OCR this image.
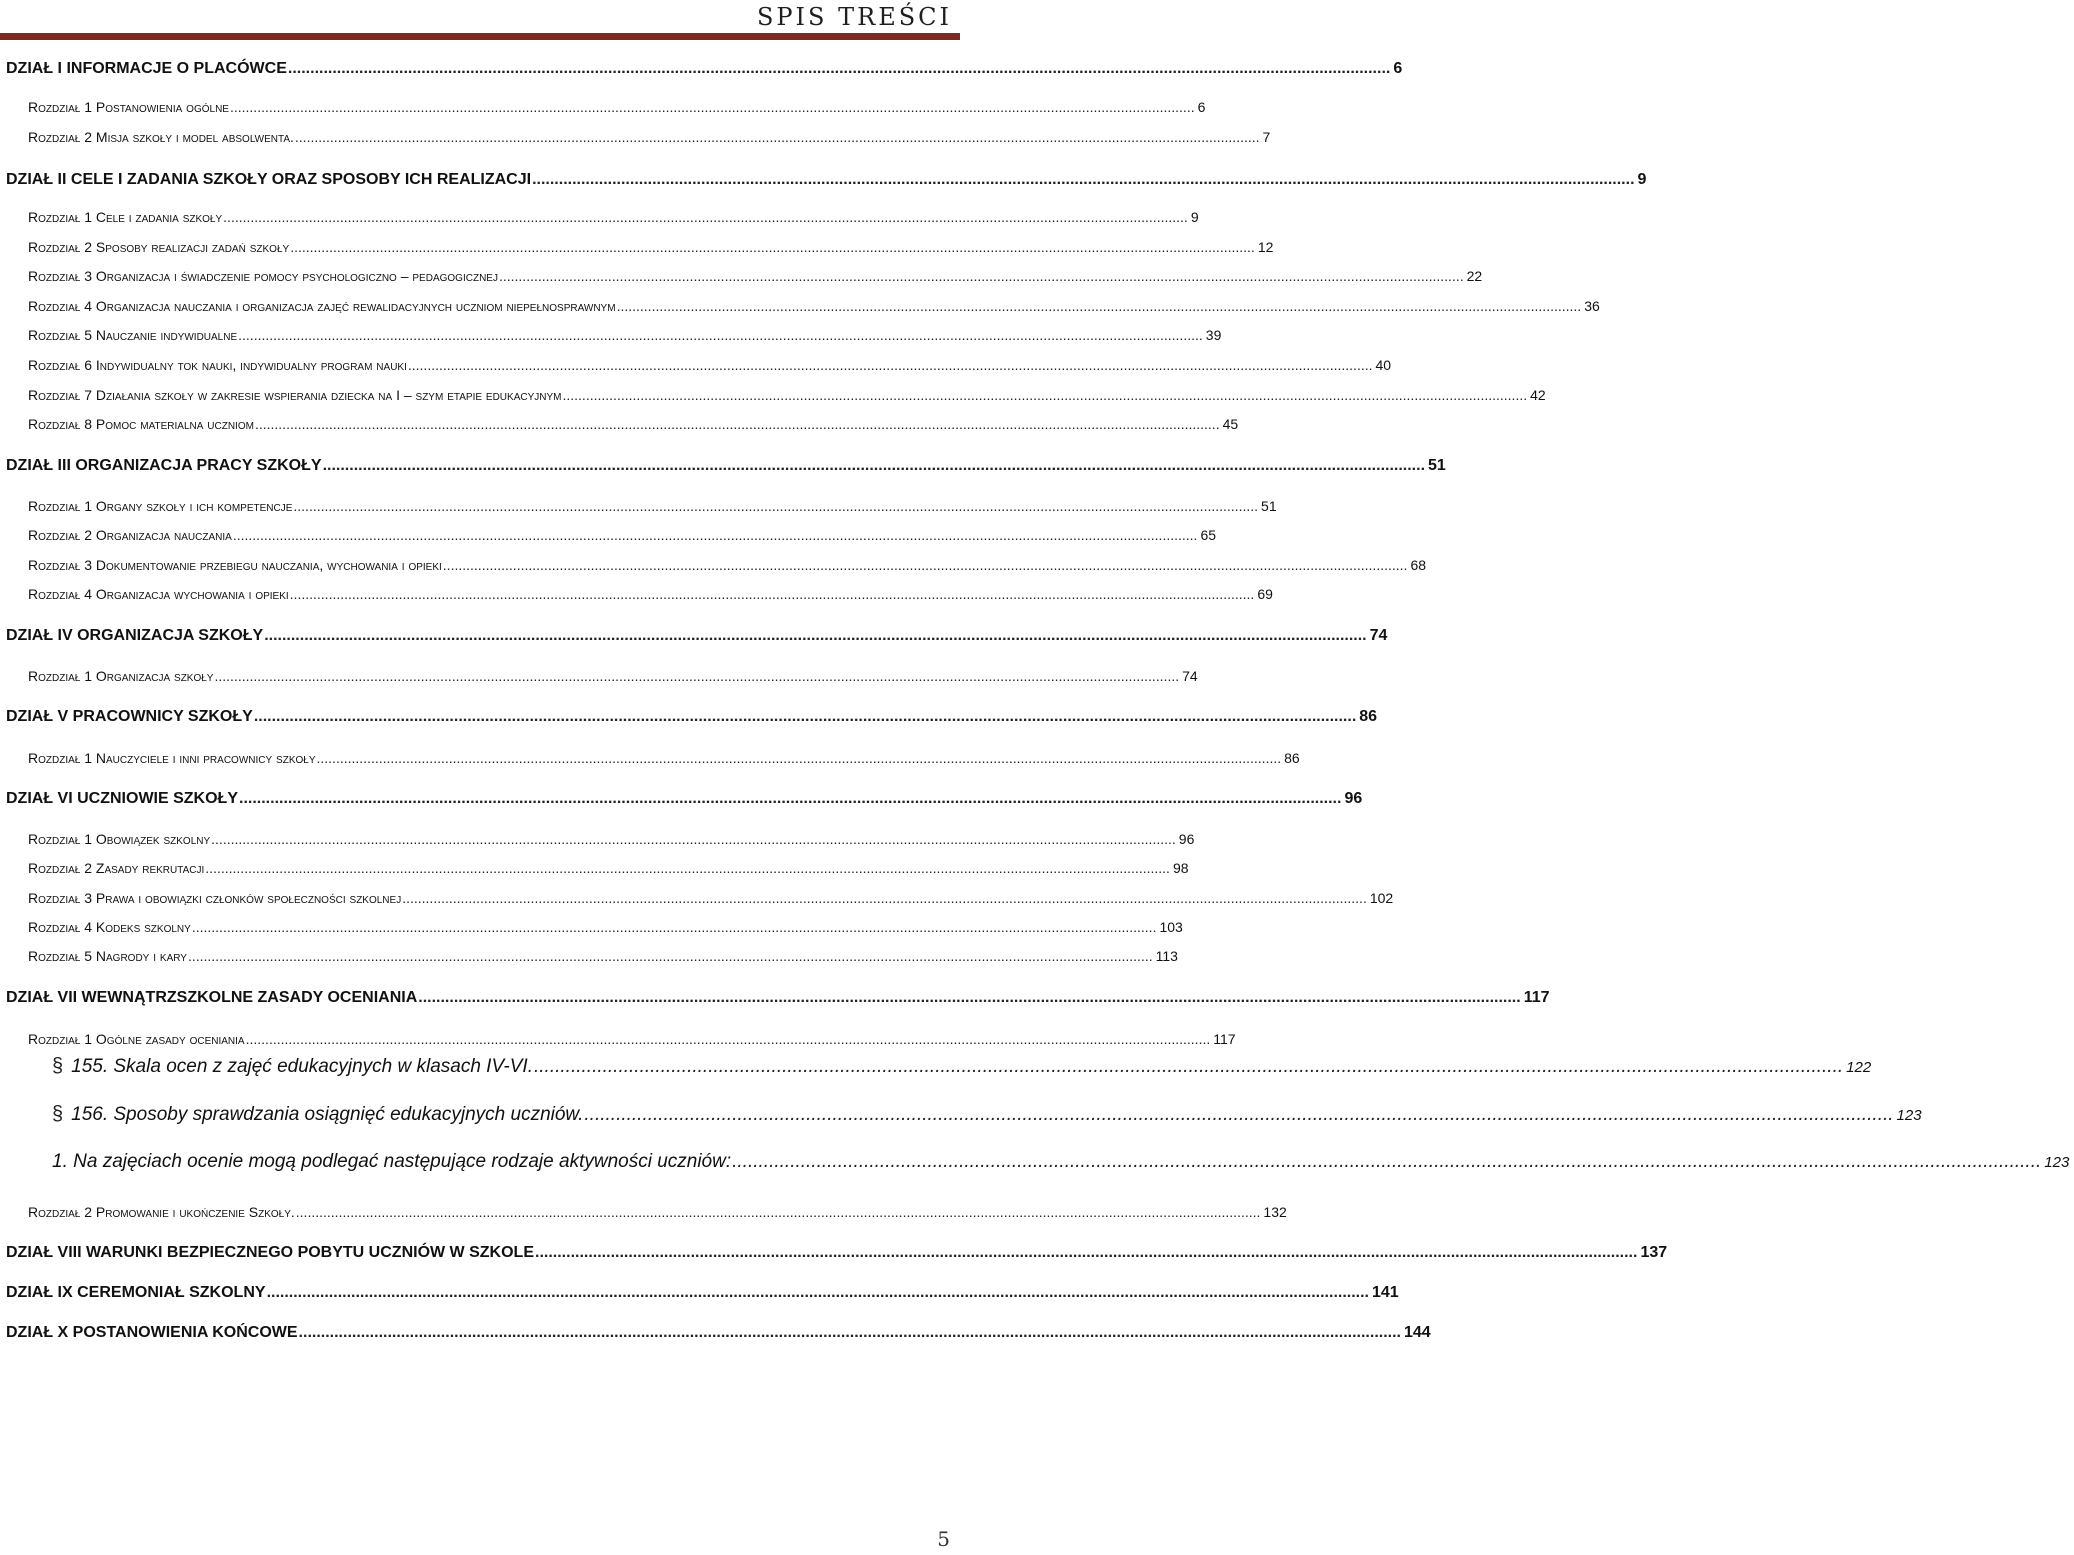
SPIS TREŚCI
DZIAŁ I INFORMACJE O PLACÓWCE .....	6
Rozdział 1 Postanowienia ogólne .....	6
Rozdział 2 Misja szkoły i model absolwenta. .....	7
DZIAŁ II CELE I ZADANIA SZKOŁY ORAZ SPOSOBY ICH REALIZACJI .....	9
Rozdział 1 Cele i zadania szkoły .....	9
Rozdział 2 Sposoby realizacji zadań szkoły .....	12
Rozdział 3 Organizacja i świadczenie pomocy psychologiczno – pedagogicznej .....	22
Rozdział 4 Organizacja nauczania i organizacja zajęć rewalidacyjnych uczniom niepełnosprawnym .....	36
Rozdział 5 Nauczanie indywidualne .....	39
Rozdział 6 Indywidualny tok nauki, indywidualny program nauki .....	40
Rozdział 7 Działania szkoły w zakresie wspierania dziecka na I – szym etapie edukacyjnym .....	42
Rozdział 8 Pomoc materialna uczniom .....	45
DZIAŁ III ORGANIZACJA PRACY SZKOŁY .....	51
Rozdział 1 Organy szkoły i ich kompetencje .....	51
Rozdział 2 Organizacja nauczania .....	65
Rozdział 3 Dokumentowanie przebiegu nauczania, wychowania i opieki .....	68
Rozdział 4 Organizacja wychowania i opieki .....	69
DZIAŁ IV ORGANIZACJA SZKOŁY .....	74
Rozdział 1 Organizacja szkoły .....	74
DZIAŁ V PRACOWNICY SZKOŁY .....	86
Rozdział 1 Nauczyciele i inni pracownicy szkoły .....	86
DZIAŁ VI UCZNIOWIE SZKOŁY .....	96
Rozdział 1 Obowiązek szkolny .....	96
Rozdział 2 Zasady rekrutacji .....	98
Rozdział 3 Prawa i obowiązki członków społeczności szkolnej .....	102
Rozdział 4 Kodeks szkolny .....	103
Rozdział 5 Nagrody i kary .....	113
DZIAŁ VII WEWNĄTRZSZKOLNE ZASADY OCENIANIA .....	117
Rozdział 1 Ogólne zasady oceniania .....	117
§ 155. Skala ocen z zajęć edukacyjnych w klasach IV-VI. .....	122
§ 156. Sposoby sprawdzania osiągnięć edukacyjnych uczniów. .....	123
1. Na zajęciach ocenie mogą podlegać następujące rodzaje aktywności uczniów: .....	123
Rozdział 2 Promowanie i ukończenie Szkoły. .....	132
DZIAŁ VIII WARUNKI BEZPIECZNEGO POBYTU UCZNIÓW W SZKOLE .....	137
DZIAŁ IX CEREMONIAŁ SZKOLNY .....	141
DZIAŁ X POSTANOWIENIA KOŃCOWE .....	144
5
